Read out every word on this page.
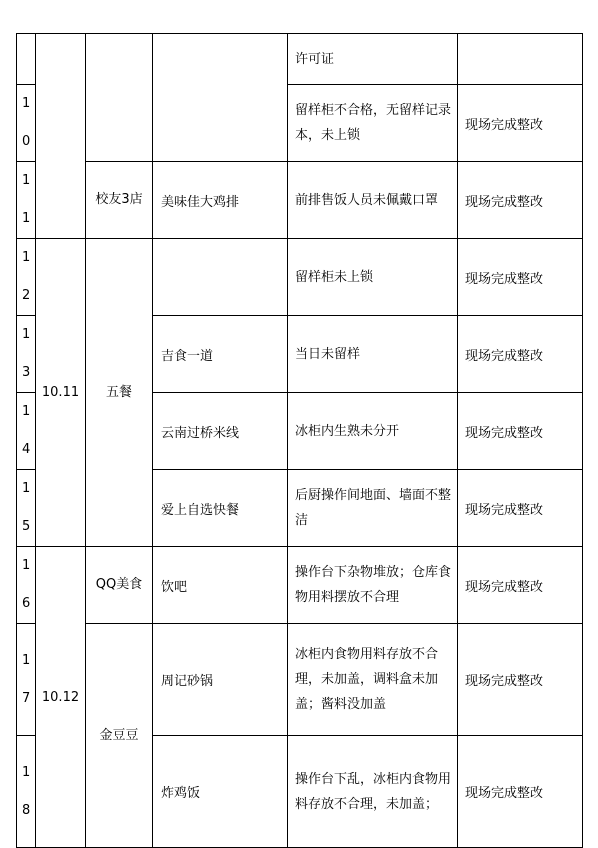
				许可证	

10				留样柜不合格，无留样记录本，未上锁	现场完成整改

11		校友3店	美味佳大鸡排	前排售饭人员未佩戴口罩	现场完成整改

12	10.11	五餐		留样柜未上锁	现场完成整改

13			吉食一道	当日未留样	现场完成整改

14			云南过桥米线	冰柜内生熟未分开	现场完成整改

15			爱上自选快餐	后厨操作间地面、墙面不整洁	现场完成整改

16	10.12	QQ美食	饮吧	操作台下杂物堆放；仓库食物用料摆放不合理	现场完成整改

17		金豆豆	周记砂锅	冰柜内食物用料存放不合理，未加盖，调料盒未加盖；酱料没加盖	现场完成整改

18			炸鸡饭	操作台下乱，冰柜内食物用料存放不合理，未加盖；	现场完成整改
